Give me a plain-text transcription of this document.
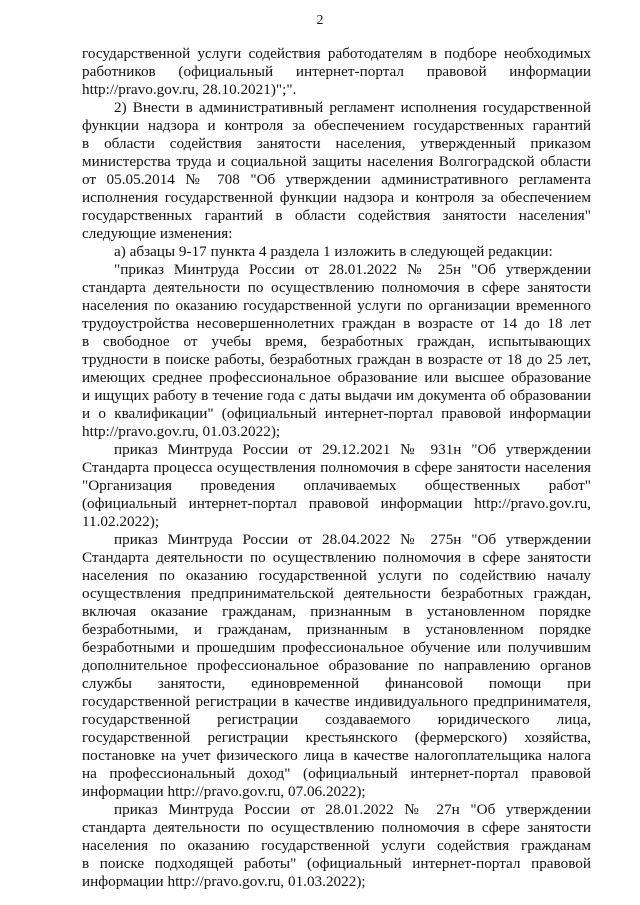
2
государственной услуги содействия работодателям в подборе необходимых
работников (официальный интернет-портал правовой информации
http://pravo.gov.ru, 28.10.2021)";".
2) Внести в административный регламент исполнения государственной
функции надзора и контроля за обеспечением государственных гарантий
в области содействия занятости населения, утвержденный приказом
министерства труда и социальной защиты населения Волгоградской области
от 05.05.2014 № 708 "Об утверждении административного регламента
исполнения государственной функции надзора и контроля за обеспечением
государственных гарантий в области содействия занятости населения"
следующие изменения:
а) абзацы 9-17 пункта 4 раздела 1 изложить в следующей редакции:
"приказ Минтруда России от 28.01.2022 № 25н "Об утверждении
стандарта деятельности по осуществлению полномочия в сфере занятости
населения по оказанию государственной услуги по организации временного
трудоустройства несовершеннолетних граждан в возрасте от 14 до 18 лет
в свободное от учебы время, безработных граждан, испытывающих
трудности в поиске работы, безработных граждан в возрасте от 18 до 25 лет,
имеющих среднее профессиональное образование или высшее образование
и ищущих работу в течение года с даты выдачи им документа об образовании
и о квалификации" (официальный интернет-портал правовой информации
http://pravo.gov.ru, 01.03.2022);
приказ Минтруда России от 29.12.2021 № 931н "Об утверждении
Стандарта процесса осуществления полномочия в сфере занятости населения
"Организация проведения оплачиваемых общественных работ"
(официальный интернет-портал правовой информации http://pravo.gov.ru,
11.02.2022);
приказ Минтруда России от 28.04.2022 № 275н "Об утверждении
Стандарта деятельности по осуществлению полномочия в сфере занятости
населения по оказанию государственной услуги по содействию началу
осуществления предпринимательской деятельности безработных граждан,
включая оказание гражданам, признанным в установленном порядке
безработными, и гражданам, признанным в установленном порядке
безработными и прошедшим профессиональное обучение или получившим
дополнительное профессиональное образование по направлению органов
службы занятости, единовременной финансовой помощи при
государственной регистрации в качестве индивидуального предпринимателя,
государственной регистрации создаваемого юридического лица,
государственной регистрации крестьянского (фермерского) хозяйства,
постановке на учет физического лица в качестве налогоплательщика налога
на профессиональный доход" (официальный интернет-портал правовой
информации http://pravo.gov.ru, 07.06.2022);
приказ Минтруда России от 28.01.2022 № 27н "Об утверждении
стандарта деятельности по осуществлению полномочия в сфере занятости
населения по оказанию государственной услуги содействия гражданам
в поиске подходящей работы" (официальный интернет-портал правовой
информации http://pravo.gov.ru, 01.03.2022);
